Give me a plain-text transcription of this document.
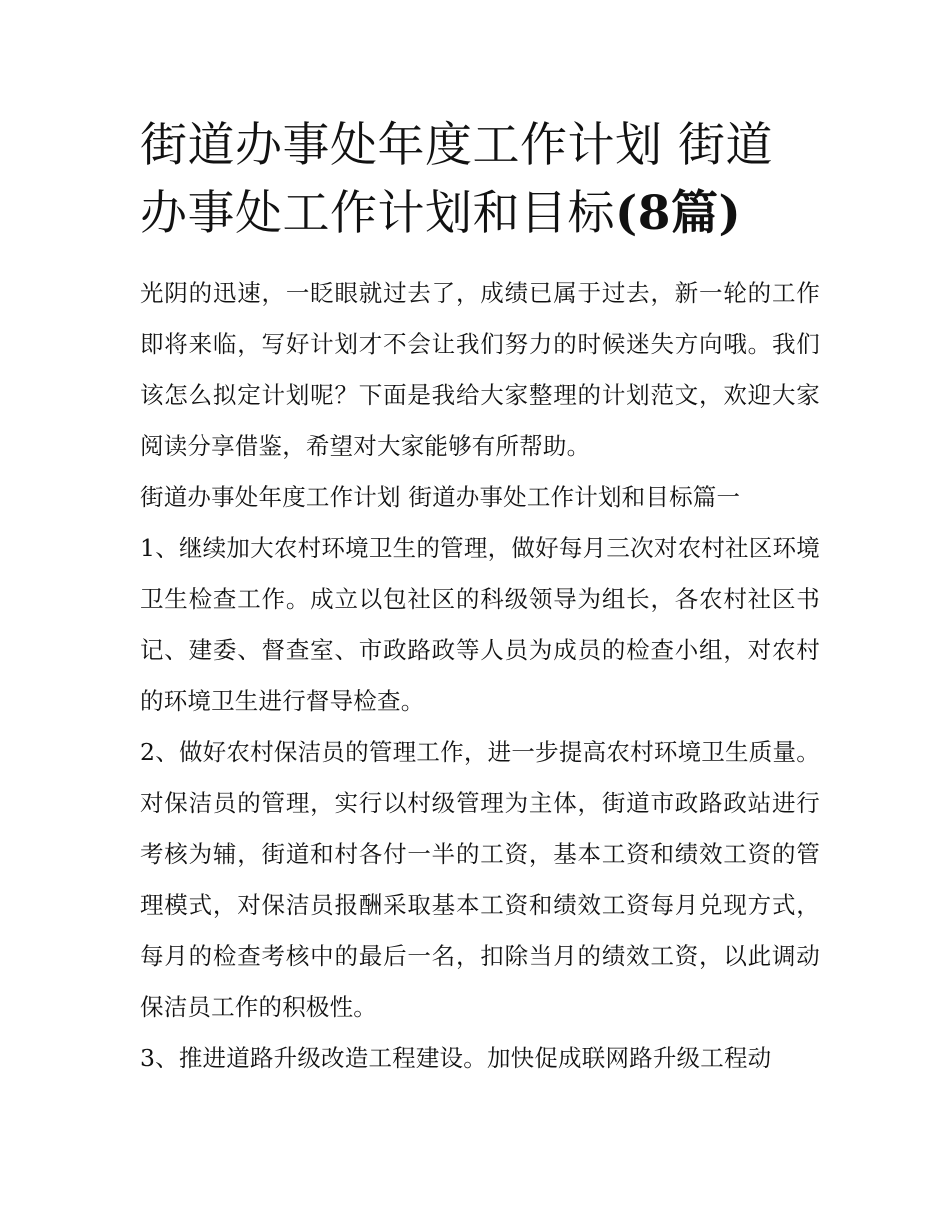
街道办事处年度工作计划 街道办事处工作计划和目标(8篇)

光阴的迅速，一眨眼就过去了，成绩已属于过去，新一轮的工作即将来临，写好计划才不会让我们努力的时候迷失方向哦。我们该怎么拟定计划呢？下面是我给大家整理的计划范文，欢迎大家阅读分享借鉴，希望对大家能够有所帮助。

街道办事处年度工作计划 街道办事处工作计划和目标篇一

1、继续加大农村环境卫生的管理，做好每月三次对农村社区环境卫生检查工作。成立以包社区的科级领导为组长，各农村社区书记、建委、督查室、市政路政等人员为成员的检查小组，对农村的环境卫生进行督导检查。

2、做好农村保洁员的管理工作，进一步提高农村环境卫生质量。对保洁员的管理，实行以村级管理为主体，街道市政路政站进行考核为辅，街道和村各付一半的工资，基本工资和绩效工资的管理模式，对保洁员报酬采取基本工资和绩效工资每月兑现方式，每月的检查考核中的最后一名，扣除当月的绩效工资，以此调动保洁员工作的积极性。

3、推进道路升级改造工程建设。加快促成联网路升级工程动
